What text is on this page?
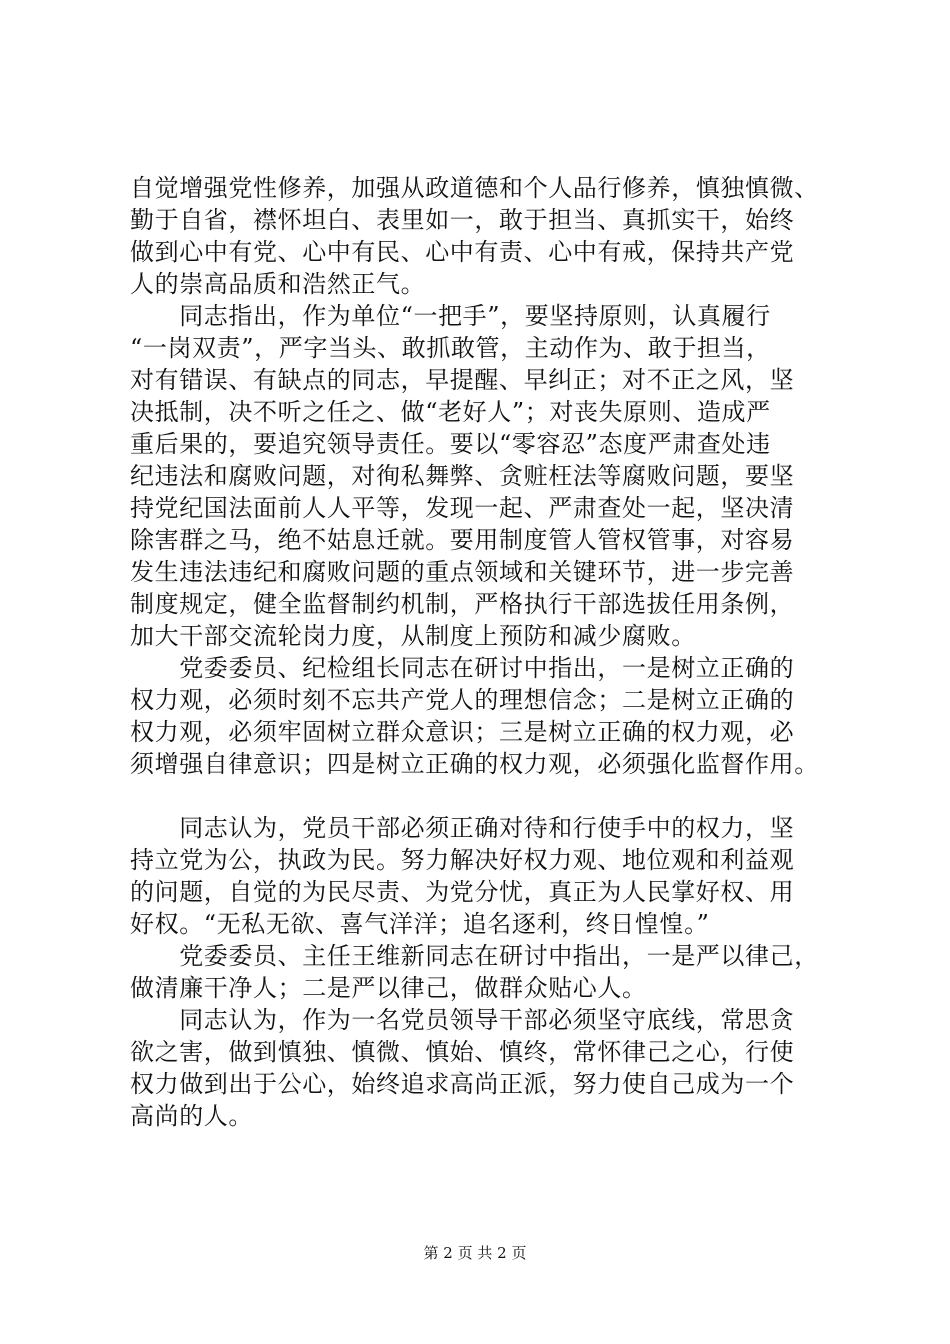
自觉增强党性修养，加强从政道德和个人品行修养，慎独慎微、
勤于自省，襟怀坦白、表里如一，敢于担当、真抓实干，始终
做到心中有党、心中有民、心中有责、心中有戒，保持共产党
人的崇高品质和浩然正气。
　　同志指出，作为单位“一把手”，要坚持原则，认真履行
“一岗双责”，严字当头、敢抓敢管，主动作为、敢于担当，
对有错误、有缺点的同志，早提醒、早纠正；对不正之风，坚
决抵制，决不听之任之、做“老好人”；对丧失原则、造成严
重后果的，要追究领导责任。要以“零容忍”态度严肃查处违
纪违法和腐败问题，对徇私舞弊、贪赃枉法等腐败问题，要坚
持党纪国法面前人人平等，发现一起、严肃查处一起，坚决清
除害群之马，绝不姑息迁就。要用制度管人管权管事，对容易
发生违法违纪和腐败问题的重点领域和关键环节，进一步完善
制度规定，健全监督制约机制，严格执行干部选拔任用条例，
加大干部交流轮岗力度，从制度上预防和减少腐败。
　　党委委员、纪检组长同志在研讨中指出，一是树立正确的
权力观，必须时刻不忘共产党人的理想信念；二是树立正确的
权力观，必须牢固树立群众意识；三是树立正确的权力观，必
须增强自律意识；四是树立正确的权力观，必须强化监督作用。
　　同志认为，党员干部必须正确对待和行使手中的权力，坚
持立党为公，执政为民。努力解决好权力观、地位观和利益观
的问题，自觉的为民尽责、为党分忧，真正为人民掌好权、用
好权。“无私无欲、喜气洋洋；追名逐利，终日惶惶。”
　　党委委员、主任王维新同志在研讨中指出，一是严以律己，
做清廉干净人；二是严以律己，做群众贴心人。
　　同志认为，作为一名党员领导干部必须坚守底线，常思贪
欲之害，做到慎独、慎微、慎始、慎终，常怀律己之心，行使
权力做到出于公心，始终追求高尚正派，努力使自己成为一个
高尚的人。
第 2 页 共 2 页
